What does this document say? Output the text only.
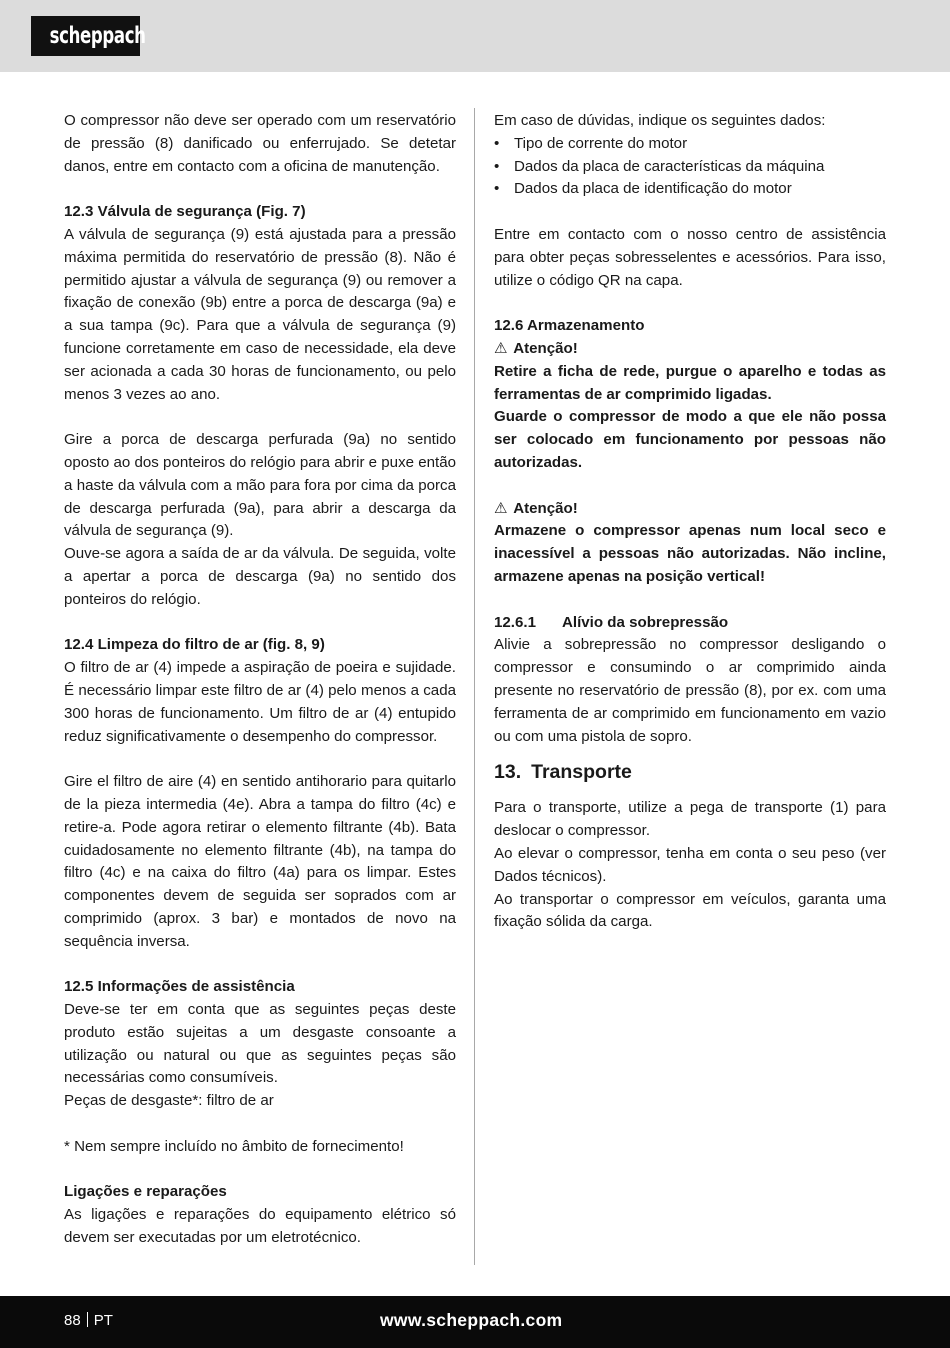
scheppach
O compressor não deve ser operado com um reservatório de pressão (8) danificado ou enferrujado. Se detetar danos, entre em contacto com a oficina de manutenção.
12.3 Válvula de segurança (Fig. 7)
A válvula de segurança (9) está ajustada para a pressão máxima permitida do reservatório de pressão (8). Não é permitido ajustar a válvula de segurança (9) ou remover a fixação de conexão (9b) entre a porca de descarga (9a) e a sua tampa (9c). Para que a válvula de segurança (9) funcione corretamente em caso de necessidade, ela deve ser acionada a cada 30 horas de funcionamento, ou pelo menos 3 vezes ao ano.
Gire a porca de descarga perfurada (9a) no sentido oposto ao dos ponteiros do relógio para abrir e puxe então a haste da válvula com a mão para fora por cima da porca de descarga perfurada (9a), para abrir a descarga da válvula de segurança (9).
Ouve-se agora a saída de ar da válvula. De seguida, volte a apertar a porca de descarga (9a) no sentido dos ponteiros do relógio.
12.4 Limpeza do filtro de ar (fig. 8, 9)
O filtro de ar (4) impede a aspiração de poeira e sujidade. É necessário limpar este filtro de ar (4) pelo menos a cada 300 horas de funcionamento. Um filtro de ar (4) entupido reduz significativamente o desempenho do compressor.
Gire el filtro de aire (4) en sentido antihorario para quitarlo de la pieza intermedia (4e). Abra a tampa do filtro (4c) e retire-a. Pode agora retirar o elemento filtrante (4b). Bata cuidadosamente no elemento filtrante (4b), na tampa do filtro (4c) e na caixa do filtro (4a) para os limpar. Estes componentes devem de seguida ser soprados com ar comprimido (aprox. 3 bar) e montados de novo na sequência inversa.
12.5 Informações de assistência
Deve-se ter em conta que as seguintes peças deste produto estão sujeitas a um desgaste consoante a utilização ou natural ou que as seguintes peças são necessárias como consumíveis.
Peças de desgaste*: filtro de ar
* Nem sempre incluído no âmbito de fornecimento!
Ligações e reparações
As ligações e reparações do equipamento elétrico só devem ser executadas por um eletrotécnico.
Em caso de dúvidas, indique os seguintes dados:
• Tipo de corrente do motor
• Dados da placa de características da máquina
• Dados da placa de identificação do motor
Entre em contacto com o nosso centro de assistência para obter peças sobresselentes e acessórios. Para isso, utilize o código QR na capa.
12.6 Armazenamento
⚠ Atenção!
Retire a ficha de rede, purgue o aparelho e todas as ferramentas de ar comprimido ligadas.
Guarde o compressor de modo a que ele não possa ser colocado em funcionamento por pessoas não autorizadas.
⚠ Atenção!
Armazene o compressor apenas num local seco e inacessível a pessoas não autorizadas. Não incline, armazene apenas na posição vertical!
12.6.1 Alívio da sobrepressão
Alivie a sobrepressão no compressor desligando o compressor e consumindo o ar comprimido ainda presente no reservatório de pressão (8), por ex. com uma ferramenta de ar comprimido em funcionamento em vazio ou com uma pistola de sopro.
13. Transporte
Para o transporte, utilize a pega de transporte (1) para deslocar o compressor.
Ao elevar o compressor, tenha em conta o seu peso (ver Dados técnicos).
Ao transportar o compressor em veículos, garanta uma fixação sólida da carga.
88 PT	www.scheppach.com
